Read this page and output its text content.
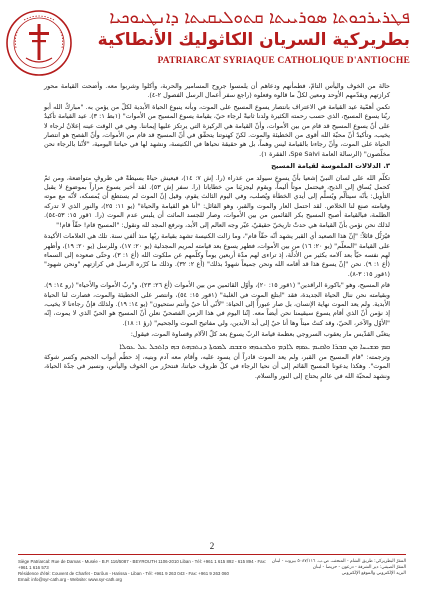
ܦܛܪܝܪܟܘܬܐ ܣܘܪܝܝܬܐ ܩܬܘܠܝܩܝܬܐ ܕܐܢܛܝܘܟܝܐ
بطريركية السريان الكاثوليك الأنطاكية
PATRIARCAT SYRIAQUE CATHOLIQUE D'ANTIOCHE

حالة من الخوف واليأس التامّ، فطمأنهم ودعاهم أن يلمسوا جروح المسامير والحربة، وأكلوا وشربوا معه. وأضحت القيامة محور كرازتهم ويقدّمهم الأوحد ومعين لكلّ ما قالوه وفعلوه (راجع سفر أعمال الرسل الفصول ٢-٤).

تكمن أهمّية عيد القيامة في الاعتراف بانتصار يسوع المسيح على الموت، وبأنه ينبوع الحياة الأبدية لكلّ من يؤمن به. "مباركٌ الله أبو ربّنا يسوع المسيح، الذي حسب رحمته الكثيرة ولدنا ثانيةً لرجاء حيّ، بقيامة يسوع المسيح من الأموات" (١بط ١: ٣). عيد القيامة تأكيدٌ على أنّ يسوع المسيح قد قام من بين الأموات، وأنّ القيامة هي الركيزة التي يرتكز عليها إيماننا. وهي في الوقت عينه إعلانٌ لرجاء لا يخيب، وتأكيدٌ أنّ محبّة الله أقوى من الخطيئة والموت. لكنّ كهنوتنا يتحقّق في أنّ المسيح قد قام من الأموات، وأنّ الفصح هو انتصار الحياة على الموت، وأنّ رجاءنا بالقيامة ليس وهماً، بل هو حقيقة نحياها في الكنيسة، ونشهد لها في حياتنا اليومية، "لأنّنا بالرجاء نحن مخلّصون" (الرسالة العامة Spe Salvi، الفقرة ١).

٣. الدلالات الملموسة لقيامة المسيح

تكلّم الله على لسان النبيّ إشعيا بأنّ يسوع سيولد من عذراء (را. إش ٧: ١٤)، فيعيش حياةً بسيطةً في ظروفٍ متواضعة، ومن ثمّ كحمل يُساق إلى الذبح، فيحتمل موتاً أليماً، ويقوم ليجزيَنا من خطايانا (را. سفر إش ٥٣). لقد أخبر يسوع مراراً بموضوع لا يقبل التأويل: بأنّه سيتألّم ويُسلَّم إلى أيدي الخطأة ويُصلب، وفي اليوم الثالث يقوم، وقيل إنّ الموت لم يستطع أن يُمسكه، لأنّه مع موته وقيامته صنع لنا الخلاص. لقد احتمل العار والموت والقبر، وهو القائل: "أنا هو القيامة والحياة" (يو ١١: ٢٥)، والنور الذي لا تدركه الظلمة، فبالقيامة أصبح المسيح بكر القائمين من بين الأموات، وصار للجسد المائت أن يلبس عدم الموت (را. ١قور ١٥: ٥٣-٥٤). لذلك نحن نؤمن بأنّ القيامة هي حدثٌ تاريخيّ حقيقيّ، غيّر وجه العالم إلى الأبد، ونرفع المجد لله ونقول: "المسيح قام! حقّاً قام!"

فيُرَتُّل قائلاً: "إنّ هذا الصعيد أي القبر يشهد أنّه حقّاً قام"، وما زالت الكنيسة تشهد بقيامة ربّها منذ ألفي سنة. تلك هي العلامات الأكيدة على القيامة "المعلّم" (يو ٢٠: ١٦) من بين الأموات، فظهر يسوع بعد قيامته لمريم المجدلية (يو ٢٠: ١٧)، وللرسل (يو ٢٠: ١٩)، وأظهر لهم نفسه حيّاً بعد آلامه بكثير من الأدلّة، إذ تراءى لهم مدّة أربعين يوماً وكلّمهم عن ملكوت الله (أع ١: ٣)، وحتّى صعوده إلى السماء (أع ١: ٩). نحن "إنّ يسوع هذا قد أقامه الله ونحن جميعاً شهودٌ بذلك" (أع ٢: ٣٢). وذلك ما كرّره الرسل في كرازتهم "ونحن شهود" (١قور ١٥: ٣-٨).

قام المسيح، وهو "باكورة الراقدين" (١قور ١٥: ٢٠)، وأوّل القائمين من بين الأموات (أع ٢٦: ٢٣)، و"ربّ الأموات والأحياء" (رو ١٤: ٩). وبقيامته نحن ننال الحياة الجديدة، فقد "ابتلع الموت في الغلبة" (١قور ١٥: ٥٤)، وانتصر على الخطيئة والموت، فصارت لنا الحياة الأبدية. ولم يعد الموت نهاية الإنسان، بل صار عبوراً إلى الحياة: "لأنّي أنا حيّ وأنتم ستحيون" (يو ١٤: ١٩). ولذلك فإنّ رجاءنا لا يخيب، إذ نؤمن أنّ الذي أقام يسوع سيقيمنا نحن أيضاً معه. إنّنا اليوم في هذا الزمن الفصحيّ نعلن أنّ المسيح هو الحيّ الذي لا يموت، إنّه "الأوّل والآخر، الحيّ، وقد كنتُ ميتاً وها أنا حيّ إلى أبد الآبدين، ولي مفاتيح الموت والجحيم" (رؤ ١: ١٨).

يتغنّى القدّيس مار يعقوب السروجي بعظمة قيامة الربّ يسوع بعد كلّ الآلام وقساوة الموت، فيقول:

ܩܡ ܡܫܝܚܐ ܡܢ ܩܒܪܐ ܘܐܩܝܡ ܥܡܗ ܠܐܕܡ ܘܠܒܢܘܗܝ ܘܫܒܩ ܠܡܘܬܐ ܕܢܬܒܗܬ ܒܗ ܕܐܬܟܠ ܥܠ ܥܘܠܐ

وترجمته: "قام المسيح من القبر، ولم يعد الموت قادراً أن يسود عليه، وأقام معه آدم وبنيه، إذ حطّم أبواب الجحيم وكسر شوكة الموت". وهكذا يدعونا المسيح القائم إلى أن نحيا الرجاء في كلّ ظروف حياتنا، فنتحرّر من الخوف واليأس، ونسير في جدّة الحياة، ونشهد لمحبّة الله في عالمٍ يحتاج إلى النور والسلام.

2
Siège Patriarcal: Rue de Damas - Musée - B.P. 116/5087 - BEYROUTH 1106-2010 Liban - Tél: +961 1 615 892 - 615 894 - Fax: +961 1 616 573
Résidence d'été: Couvent de Charfet - Darôun - Harissa - Liban - Tél: +961 9 263 043 - Fax: +961 9 263 060
Email: info@syr-cath.org - Website: www.syr-cath.org
المقرّ البطريركي: طريق الشام - المتحف، ص.ب. ٥٠٨٧/١١٦ بيروت - لبنان
المقرّ الصيفي: دير الشرفة - درعون - حريصا - لبنان
البريد الإلكتروني والموقع الإلكتروني
